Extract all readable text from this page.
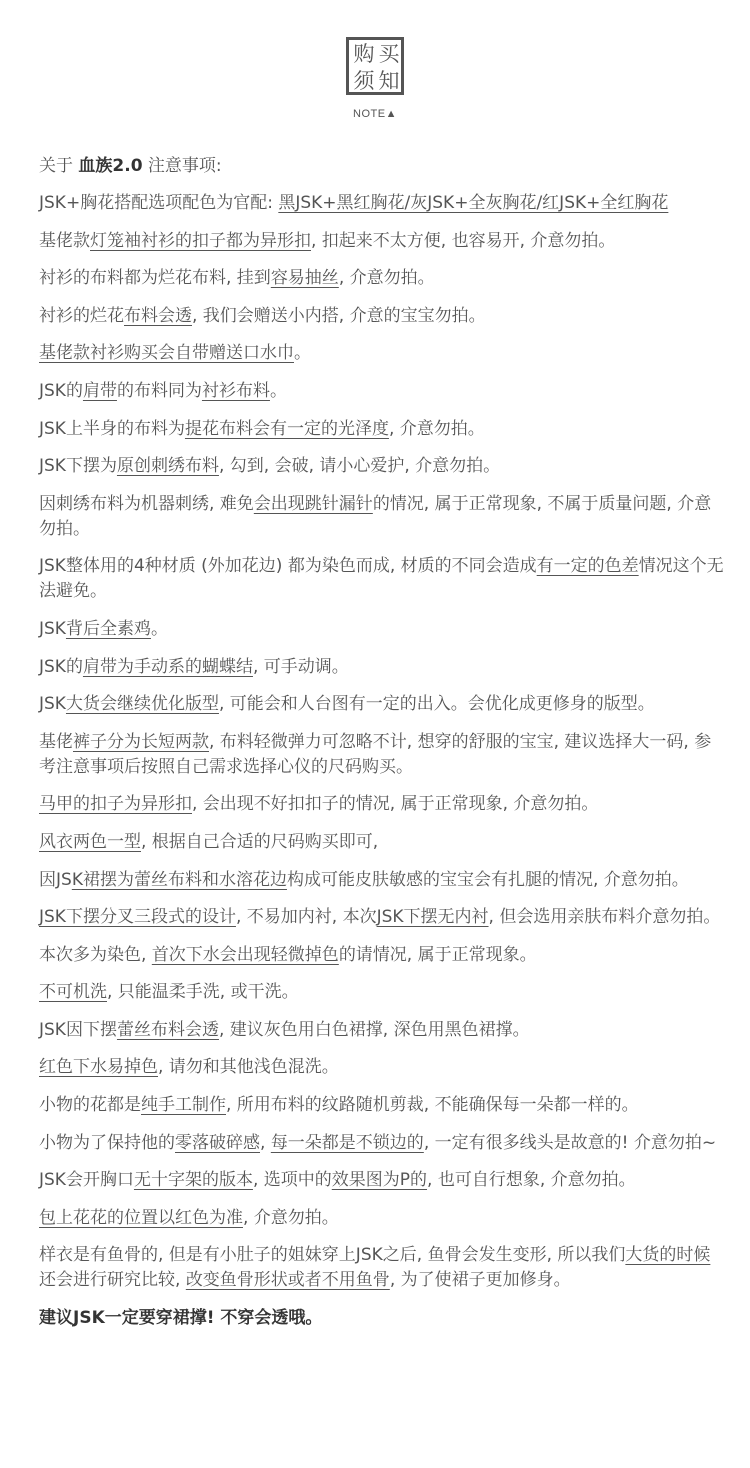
购 买
须 知
NOTE▲

关于 血族2.0 注意事项:

JSK+胸花搭配选项配色为官配: 黑JSK+黑红胸花/灰JSK+全灰胸花/红JSK+全红胸花

基佬款灯笼袖衬衫的扣子都为异形扣, 扣起来不太方便, 也容易开, 介意勿拍。

衬衫的布料都为烂花布料, 挂到容易抽丝, 介意勿拍。

衬衫的烂花布料会透, 我们会赠送小内搭, 介意的宝宝勿拍。

基佬款衬衫购买会自带赠送口水巾。

JSK的肩带的布料同为衬衫布料。

JSK上半身的布料为提花布料会有一定的光泽度, 介意勿拍。

JSK下摆为原创刺绣布料, 勾到, 会破, 请小心爱护, 介意勿拍。

因刺绣布料为机器刺绣, 难免会出现跳针漏针的情况, 属于正常现象, 不属于质量问题, 介意勿拍。

JSK整体用的4种材质 (外加花边) 都为染色而成, 材质的不同会造成有一定的色差情况这个无法避免。

JSK背后全素鸡。

JSK的肩带为手动系的蝴蝶结, 可手动调。

JSK大货会继续优化版型, 可能会和人台图有一定的出入。会优化成更修身的版型。

基佬裤子分为长短两款, 布料轻微弹力可忽略不计, 想穿的舒服的宝宝, 建议选择大一码, 参考注意事项后按照自己需求选择心仪的尺码购买。

马甲的扣子为异形扣, 会出现不好扣扣子的情况, 属于正常现象, 介意勿拍。

风衣两色一型, 根据自己合适的尺码购买即可,

因JSK裙摆为蕾丝布料和水溶花边构成可能皮肤敏感的宝宝会有扎腿的情况, 介意勿拍。

JSK下摆分叉三段式的设计, 不易加内衬, 本次JSK下摆无内衬, 但会选用亲肤布料介意勿拍。

本次多为染色, 首次下水会出现轻微掉色的请情况, 属于正常现象。

不可机洗, 只能温柔手洗, 或干洗。

JSK因下摆蕾丝布料会透, 建议灰色用白色裙撑, 深色用黑色裙撑。

红色下水易掉色, 请勿和其他浅色混洗。

小物的花都是纯手工制作, 所用布料的纹路随机剪裁, 不能确保每一朵都一样的。

小物为了保持他的零落破碎感, 每一朵都是不锁边的, 一定有很多线头是故意的! 介意勿拍~

JSK会开胸口无十字架的版本, 选项中的效果图为P的, 也可自行想象, 介意勿拍。

包上花花的位置以红色为准, 介意勿拍。

样衣是有鱼骨的, 但是有小肚子的姐妹穿上JSK之后, 鱼骨会发生变形, 所以我们大货的时候还会进行研究比较, 改变鱼骨形状或者不用鱼骨, 为了使裙子更加修身。

建议JSK一定要穿裙撑! 不穿会透哦。
